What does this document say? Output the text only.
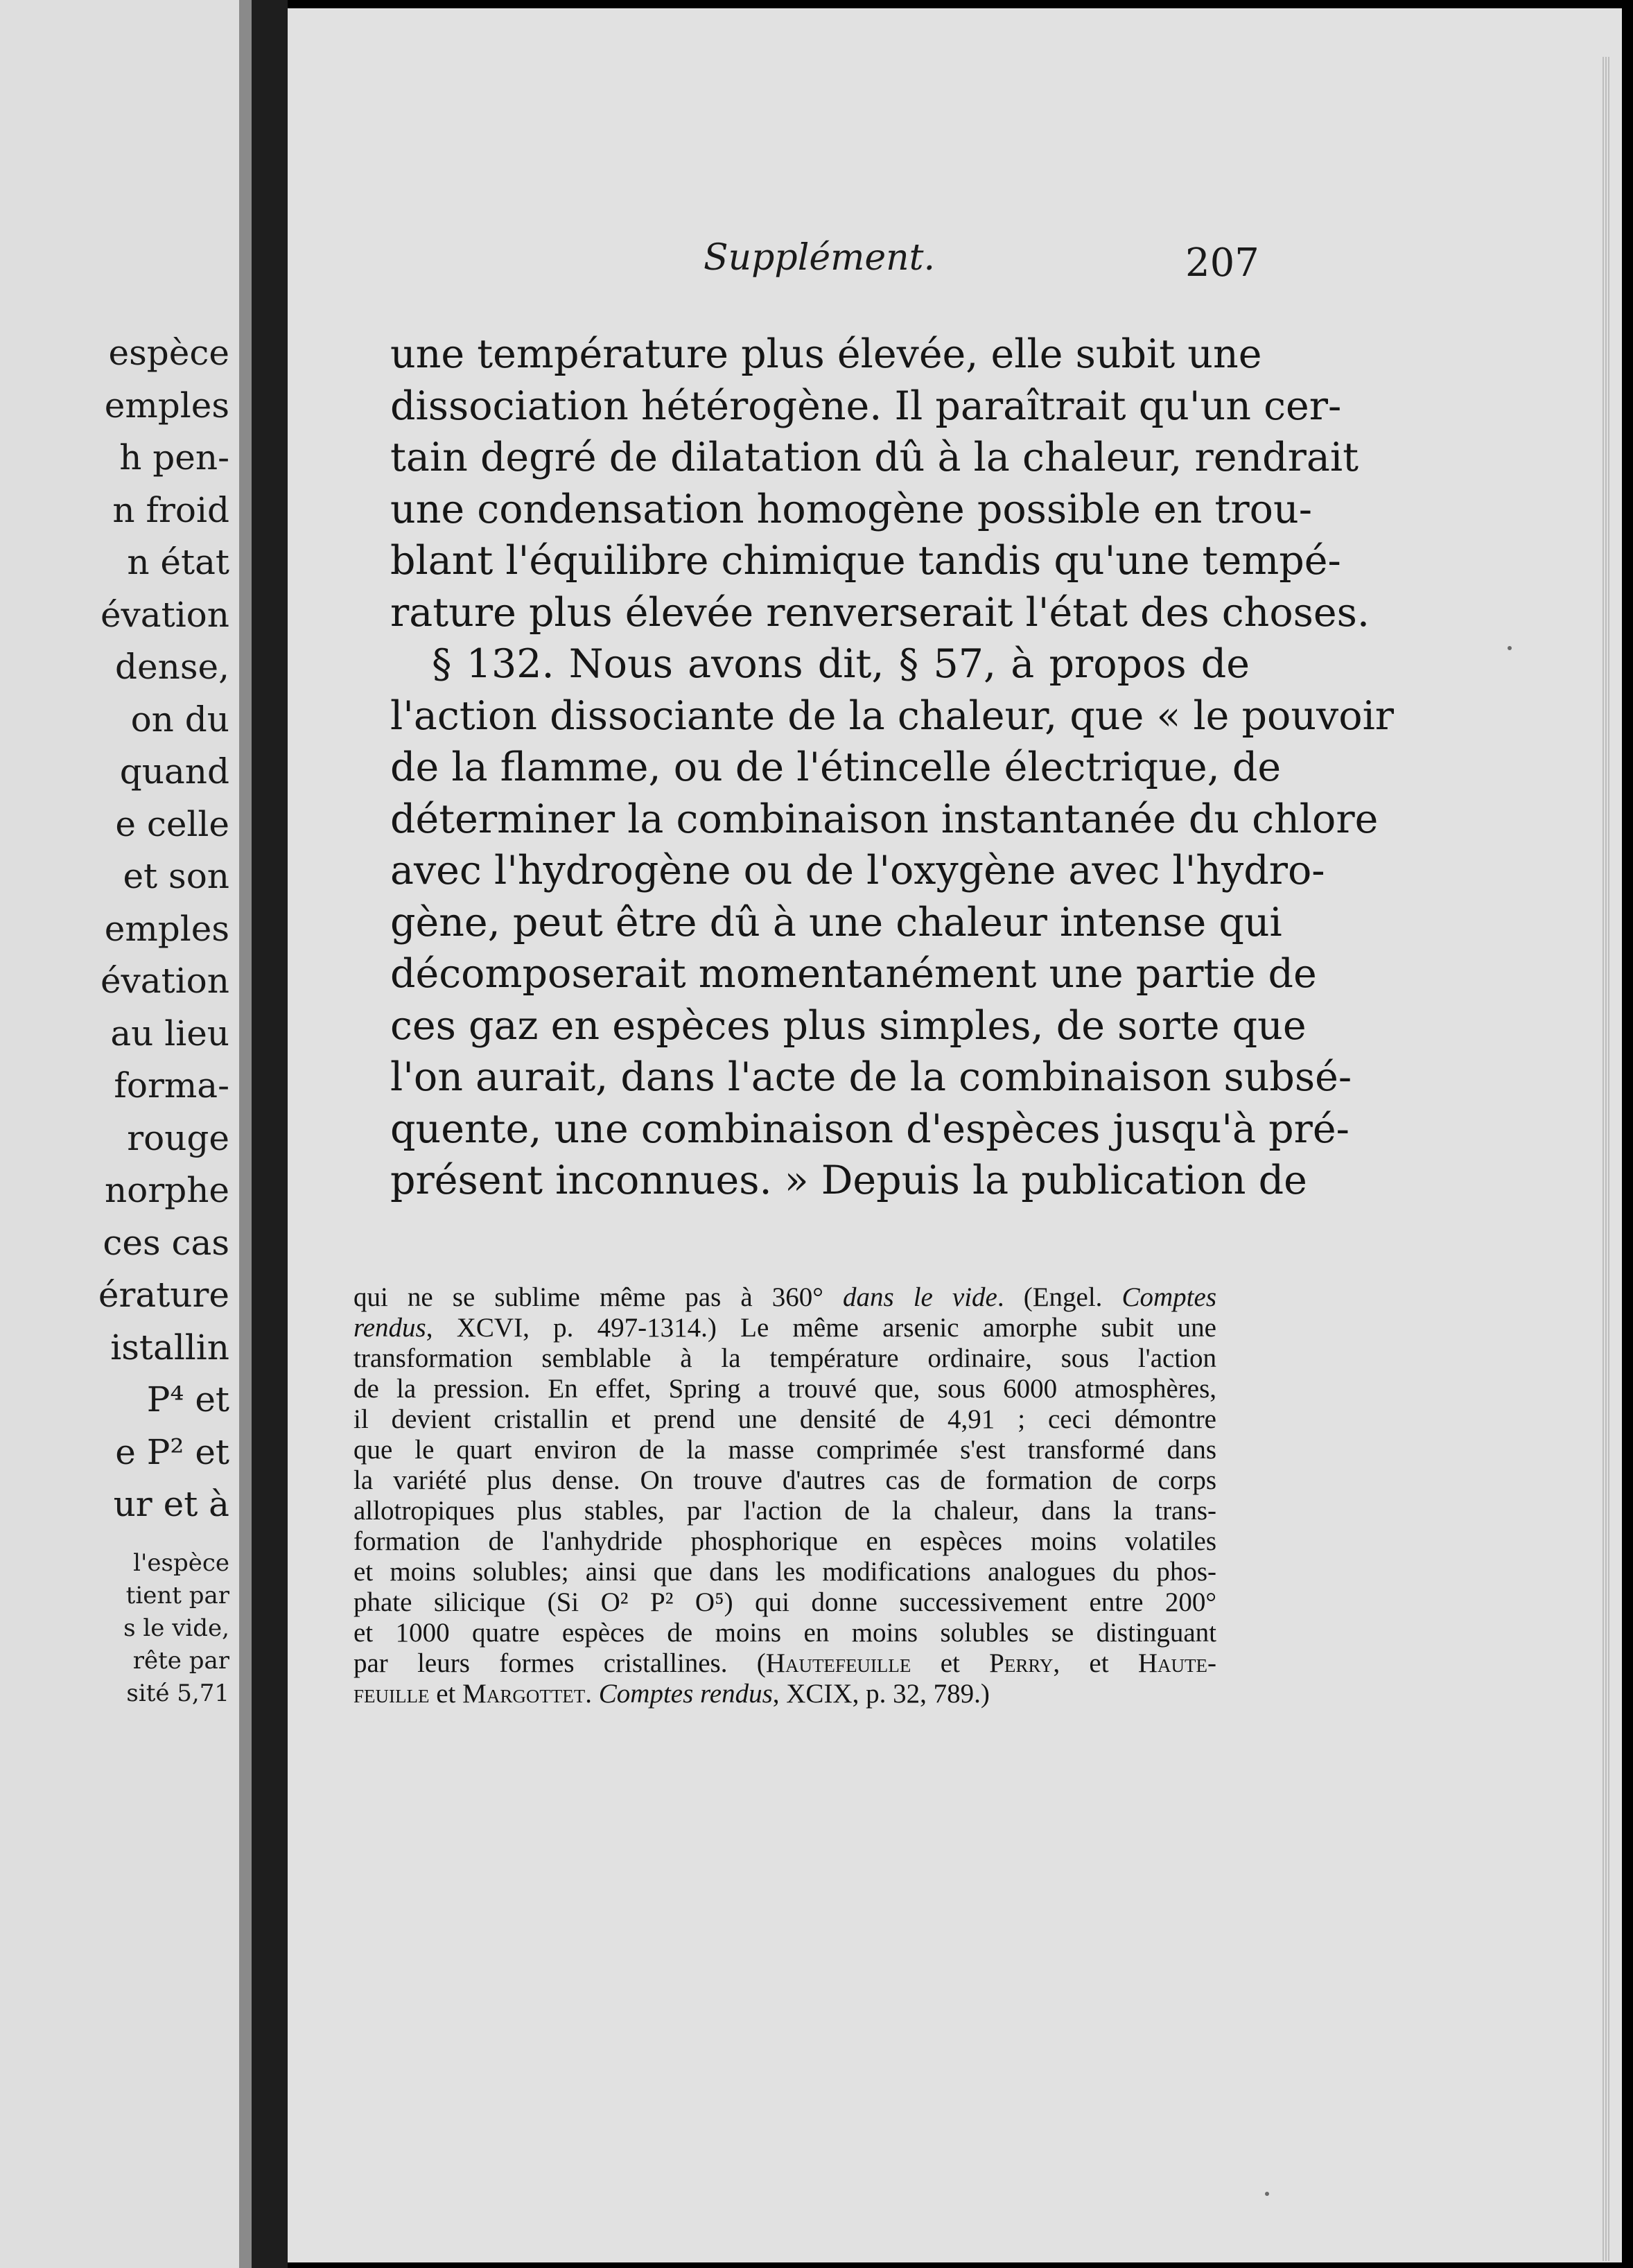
espèce
emples
h pen-
n froid
n état
évation
dense,
on du
quand
e celle
et son
emples
évation
au lieu
forma-
rouge
norphe
ces cas
érature
istallin
P⁴ et
e P² et
ur et à
l'espèce
tient par
s le vide,
rête par
sité 5,71
Supplément.	207
une température plus élevée, elle subit une
dissociation hétérogène. Il paraîtrait qu'un cer-
tain degré de dilatation dû à la chaleur, rendrait
une condensation homogène possible en trou-
blant l'équilibre chimique tandis qu'une tempé-
rature plus élevée renverserait l'état des choses.
§ 132. Nous avons dit, § 57, à propos de
l'action dissociante de la chaleur, que « le pouvoir
de la flamme, ou de l'étincelle électrique, de
déterminer la combinaison instantanée du chlore
avec l'hydrogène ou de l'oxygène avec l'hydro-
gène, peut être dû à une chaleur intense qui
décomposerait momentanément une partie de
ces gaz en espèces plus simples, de sorte que
l'on aurait, dans l'acte de la combinaison subsé-
quente, une combinaison d'espèces jusqu'à pré-
présent inconnues. » Depuis la publication de
qui ne se sublime même pas à 360° dans le vide. (Engel. Comptes
rendus, XCVI, p. 497-1314.) Le même arsenic amorphe subit une
transformation semblable à la température ordinaire, sous l'action
de la pression. En effet, Spring a trouvé que, sous 6000 atmosphères,
il devient cristallin et prend une densité de 4,91 ; ceci démontre
que le quart environ de la masse comprimée s'est transformé dans
la variété plus dense. On trouve d'autres cas de formation de corps
allotropiques plus stables, par l'action de la chaleur, dans la trans-
formation de l'anhydride phosphorique en espèces moins volatiles
et moins solubles; ainsi que dans les modifications analogues du phos-
phate silicique (Si O² P² O⁵) qui donne successivement entre 200°
et 1000 quatre espèces de moins en moins solubles se distinguant
par leurs formes cristallines. (Hautefeuille et Perry, et Haute-
feuille et Margottet. Comptes rendus, XCIX, p. 32, 789.)
